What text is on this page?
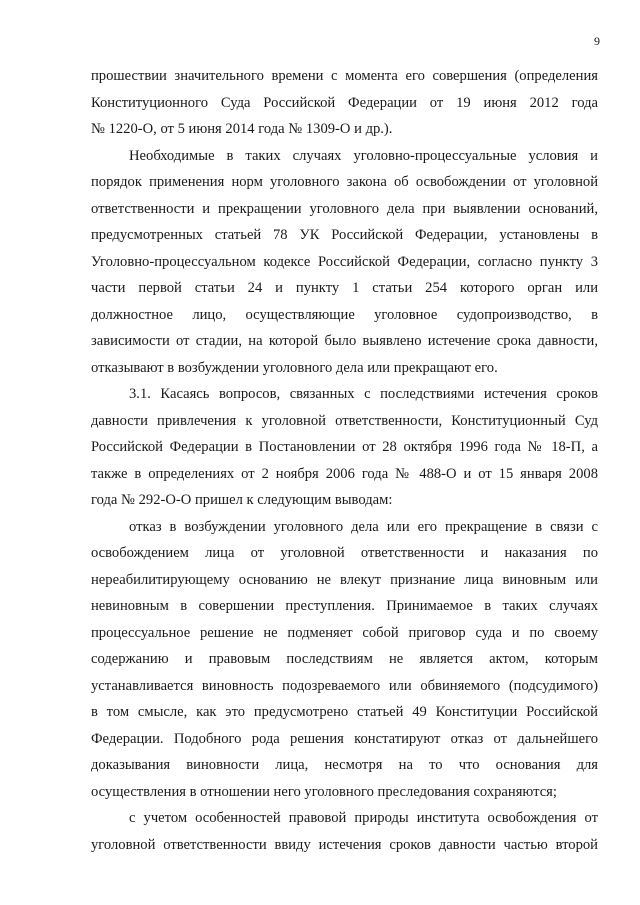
9
прошествии значительного времени с момента его совершения (определения
Конституционного Суда Российской Федерации от 19 июня 2012 года
№ 1220-О, от 5 июня 2014 года № 1309-О и др.).
Необходимые в таких случаях уголовно-процессуальные условия и
порядок применения норм уголовного закона об освобождении от уголовной
ответственности и прекращении уголовного дела при выявлении оснований,
предусмотренных статьей 78 УК Российской Федерации, установлены в
Уголовно-процессуальном кодексе Российской Федерации, согласно пункту 3
части первой статьи 24 и пункту 1 статьи 254 которого орган или
должностное лицо, осуществляющие уголовное судопроизводство, в
зависимости от стадии, на которой было выявлено истечение срока давности,
отказывают в возбуждении уголовного дела или прекращают его.
3.1. Касаясь вопросов, связанных с последствиями истечения сроков
давности привлечения к уголовной ответственности, Конституционный Суд
Российской Федерации в Постановлении от 28 октября 1996 года № 18-П, а
также в определениях от 2 ноября 2006 года № 488-О и от 15 января 2008
года № 292-О-О пришел к следующим выводам:
отказ в возбуждении уголовного дела или его прекращение в связи с
освобождением лица от уголовной ответственности и наказания по
нереабилитирующему основанию не влекут признание лица виновным или
невиновным в совершении преступления. Принимаемое в таких случаях
процессуальное решение не подменяет собой приговор суда и по своему
содержанию и правовым последствиям не является актом, которым
устанавливается виновность подозреваемого или обвиняемого (подсудимого)
в том смысле, как это предусмотрено статьей 49 Конституции Российской
Федерации. Подобного рода решения констатируют отказ от дальнейшего
доказывания виновности лица, несмотря на то что основания для
осуществления в отношении него уголовного преследования сохраняются;
с учетом особенностей правовой природы института освобождения от
уголовной ответственности ввиду истечения сроков давности частью второй
